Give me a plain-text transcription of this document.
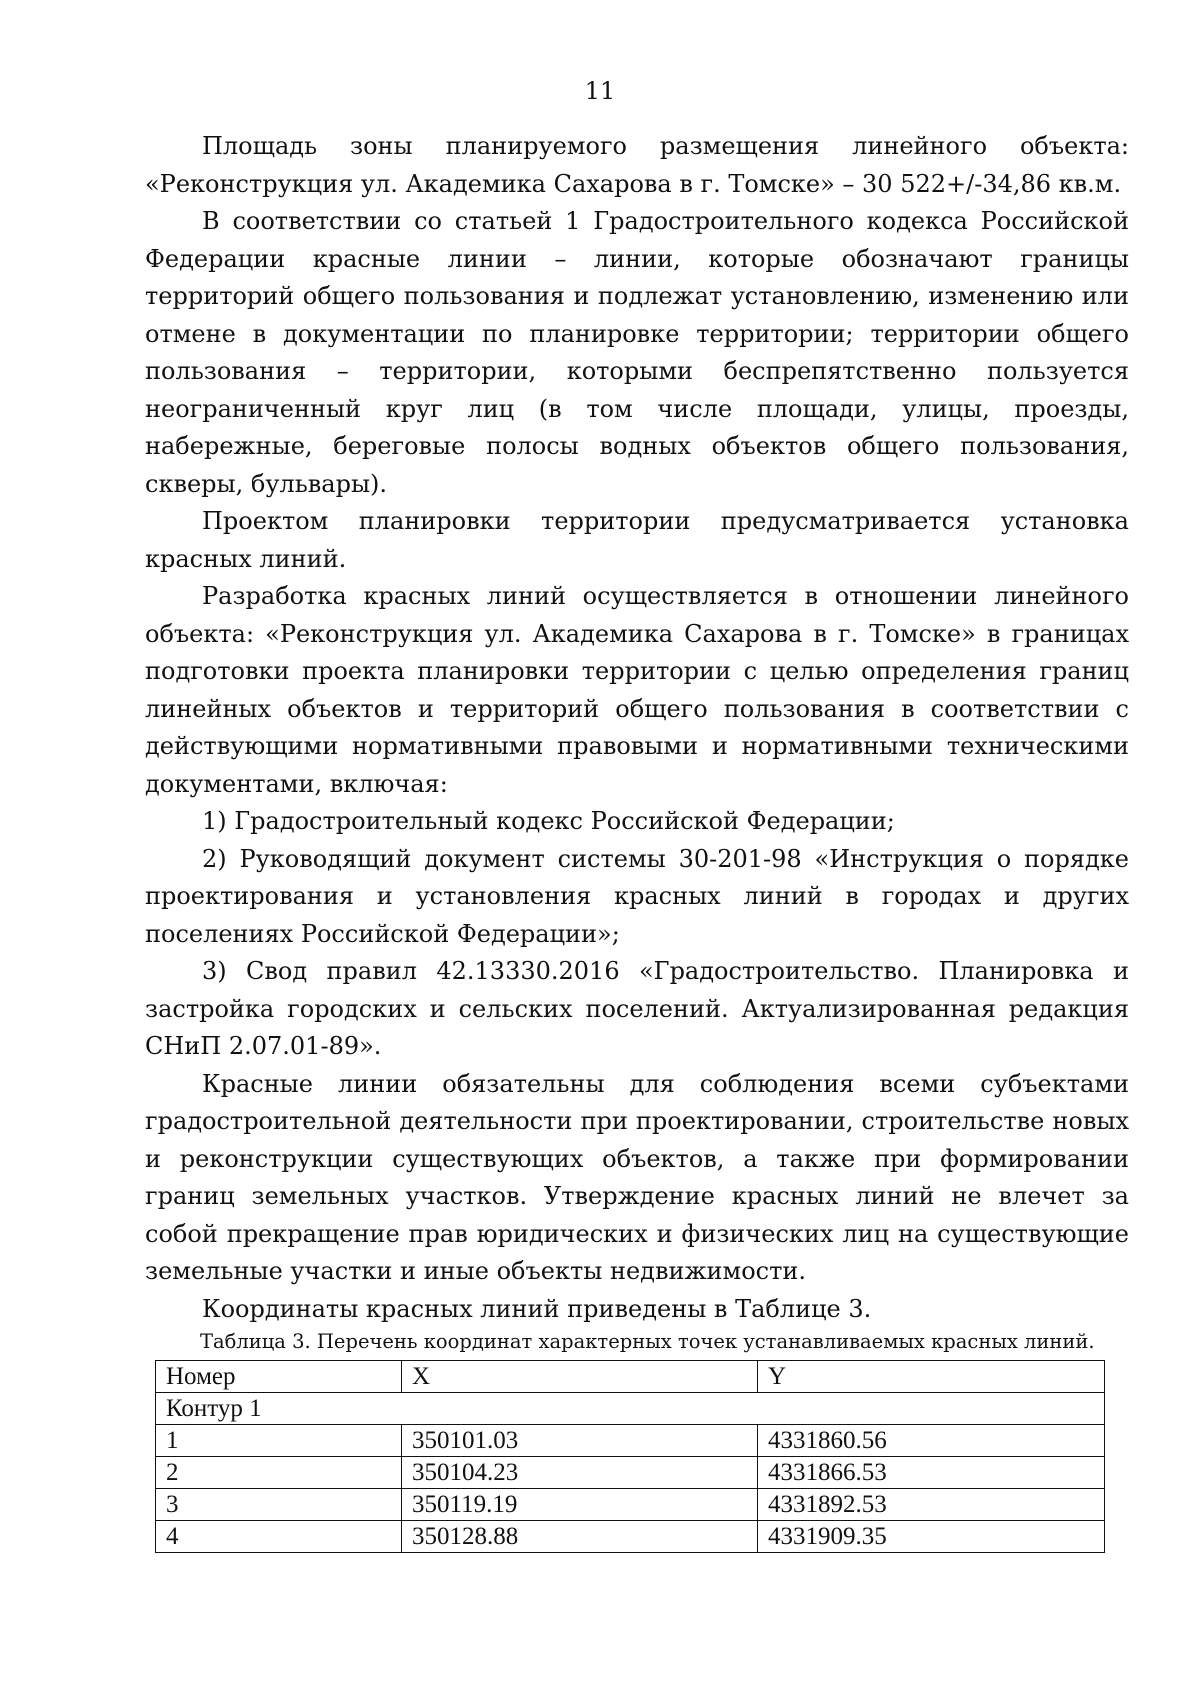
11

Площадь зоны планируемого размещения линейного объекта: «Реконструкция ул. Академика Сахарова в г. Томске» – 30 522+/-34,86 кв.м.

В соответствии со статьей 1 Градостроительного кодекса Российской Федерации красные линии – линии, которые обозначают границы территорий общего пользования и подлежат установлению, изменению или отмене в документации по планировке территории; территории общего пользования – территории, которыми беспрепятственно пользуется неограниченный круг лиц (в том числе площади, улицы, проезды, набережные, береговые полосы водных объектов общего пользования, скверы, бульвары).

Проектом планировки территории предусматривается установка красных линий.

Разработка красных линий осуществляется в отношении линейного объекта: «Реконструкция ул. Академика Сахарова в г. Томске» в границах подготовки проекта планировки территории с целью определения границ линейных объектов и территорий общего пользования в соответствии с действующими нормативными правовыми и нормативными техническими документами, включая:

1) Градостроительный кодекс Российской Федерации;

2) Руководящий документ системы 30-201-98 «Инструкция о порядке проектирования и установления красных линий в городах и других поселениях Российской Федерации»;

3) Свод правил 42.13330.2016 «Градостроительство. Планировка и застройка городских и сельских поселений. Актуализированная редакция СНиП 2.07.01-89».

Красные линии обязательны для соблюдения всеми субъектами градостроительной деятельности при проектировании, строительстве новых и реконструкции существующих объектов, а также при формировании границ земельных участков. Утверждение красных линий не влечет за собой прекращение прав юридических и физических лиц на существующие земельные участки и иные объекты недвижимости.

Координаты красных линий приведены в Таблице 3.

Таблица 3. Перечень координат характерных точек устанавливаемых красных линий.
Номер	X	Y
Контур 1		
1	350101.03	4331860.56
2	350104.23	4331866.53
3	350119.19	4331892.53
4	350128.88	4331909.35
